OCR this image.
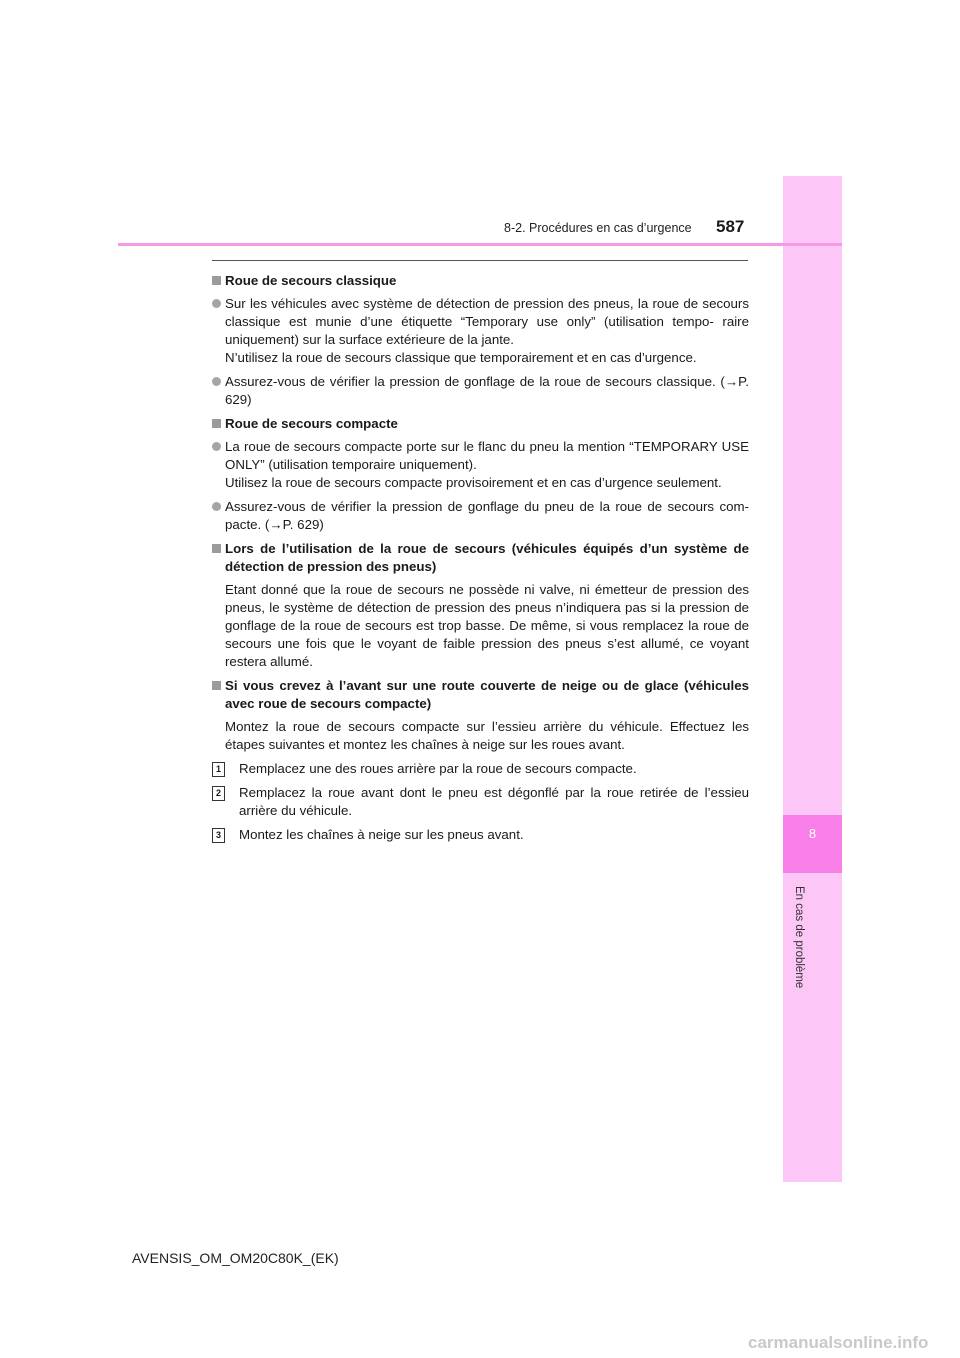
8
En cas de problème
8-2. Procédures en cas d’urgence 587
Roue de secours classique
Sur les véhicules avec système de détection de pression des pneus, la roue de secours classique est munie d’une étiquette “Temporary use only” (utilisation tempo- raire uniquement) sur la surface extérieure de la jante.
N’utilisez la roue de secours classique que temporairement et en cas d’urgence.
Assurez-vous de vérifier la pression de gonflage de la roue de secours classique. (→P. 629)
Roue de secours compacte
La roue de secours compacte porte sur le flanc du pneu la mention “TEMPORARY USE ONLY” (utilisation temporaire uniquement).
Utilisez la roue de secours compacte provisoirement et en cas d’urgence seulement.
Assurez-vous de vérifier la pression de gonflage du pneu de la roue de secours com- pacte. (→P. 629)
Lors de l’utilisation de la roue de secours (véhicules équipés d’un système de détection de pression des pneus)
Etant donné que la roue de secours ne possède ni valve, ni émetteur de pression des pneus, le système de détection de pression des pneus n’indiquera pas si la pression de gonflage de la roue de secours est trop basse. De même, si vous remplacez la roue de secours une fois que le voyant de faible pression des pneus s’est allumé, ce voyant restera allumé.
Si vous crevez à l’avant sur une route couverte de neige ou de glace (véhicules avec roue de secours compacte)
Montez la roue de secours compacte sur l’essieu arrière du véhicule. Effectuez les étapes suivantes et montez les chaînes à neige sur les roues avant.
1	Remplacez une des roues arrière par la roue de secours compacte.
2	Remplacez la roue avant dont le pneu est dégonflé par la roue retirée de l’essieu arrière du véhicule.
3	Montez les chaînes à neige sur les pneus avant.
AVENSIS_OM_OM20C80K_(EK)
carmanualsonline.info
